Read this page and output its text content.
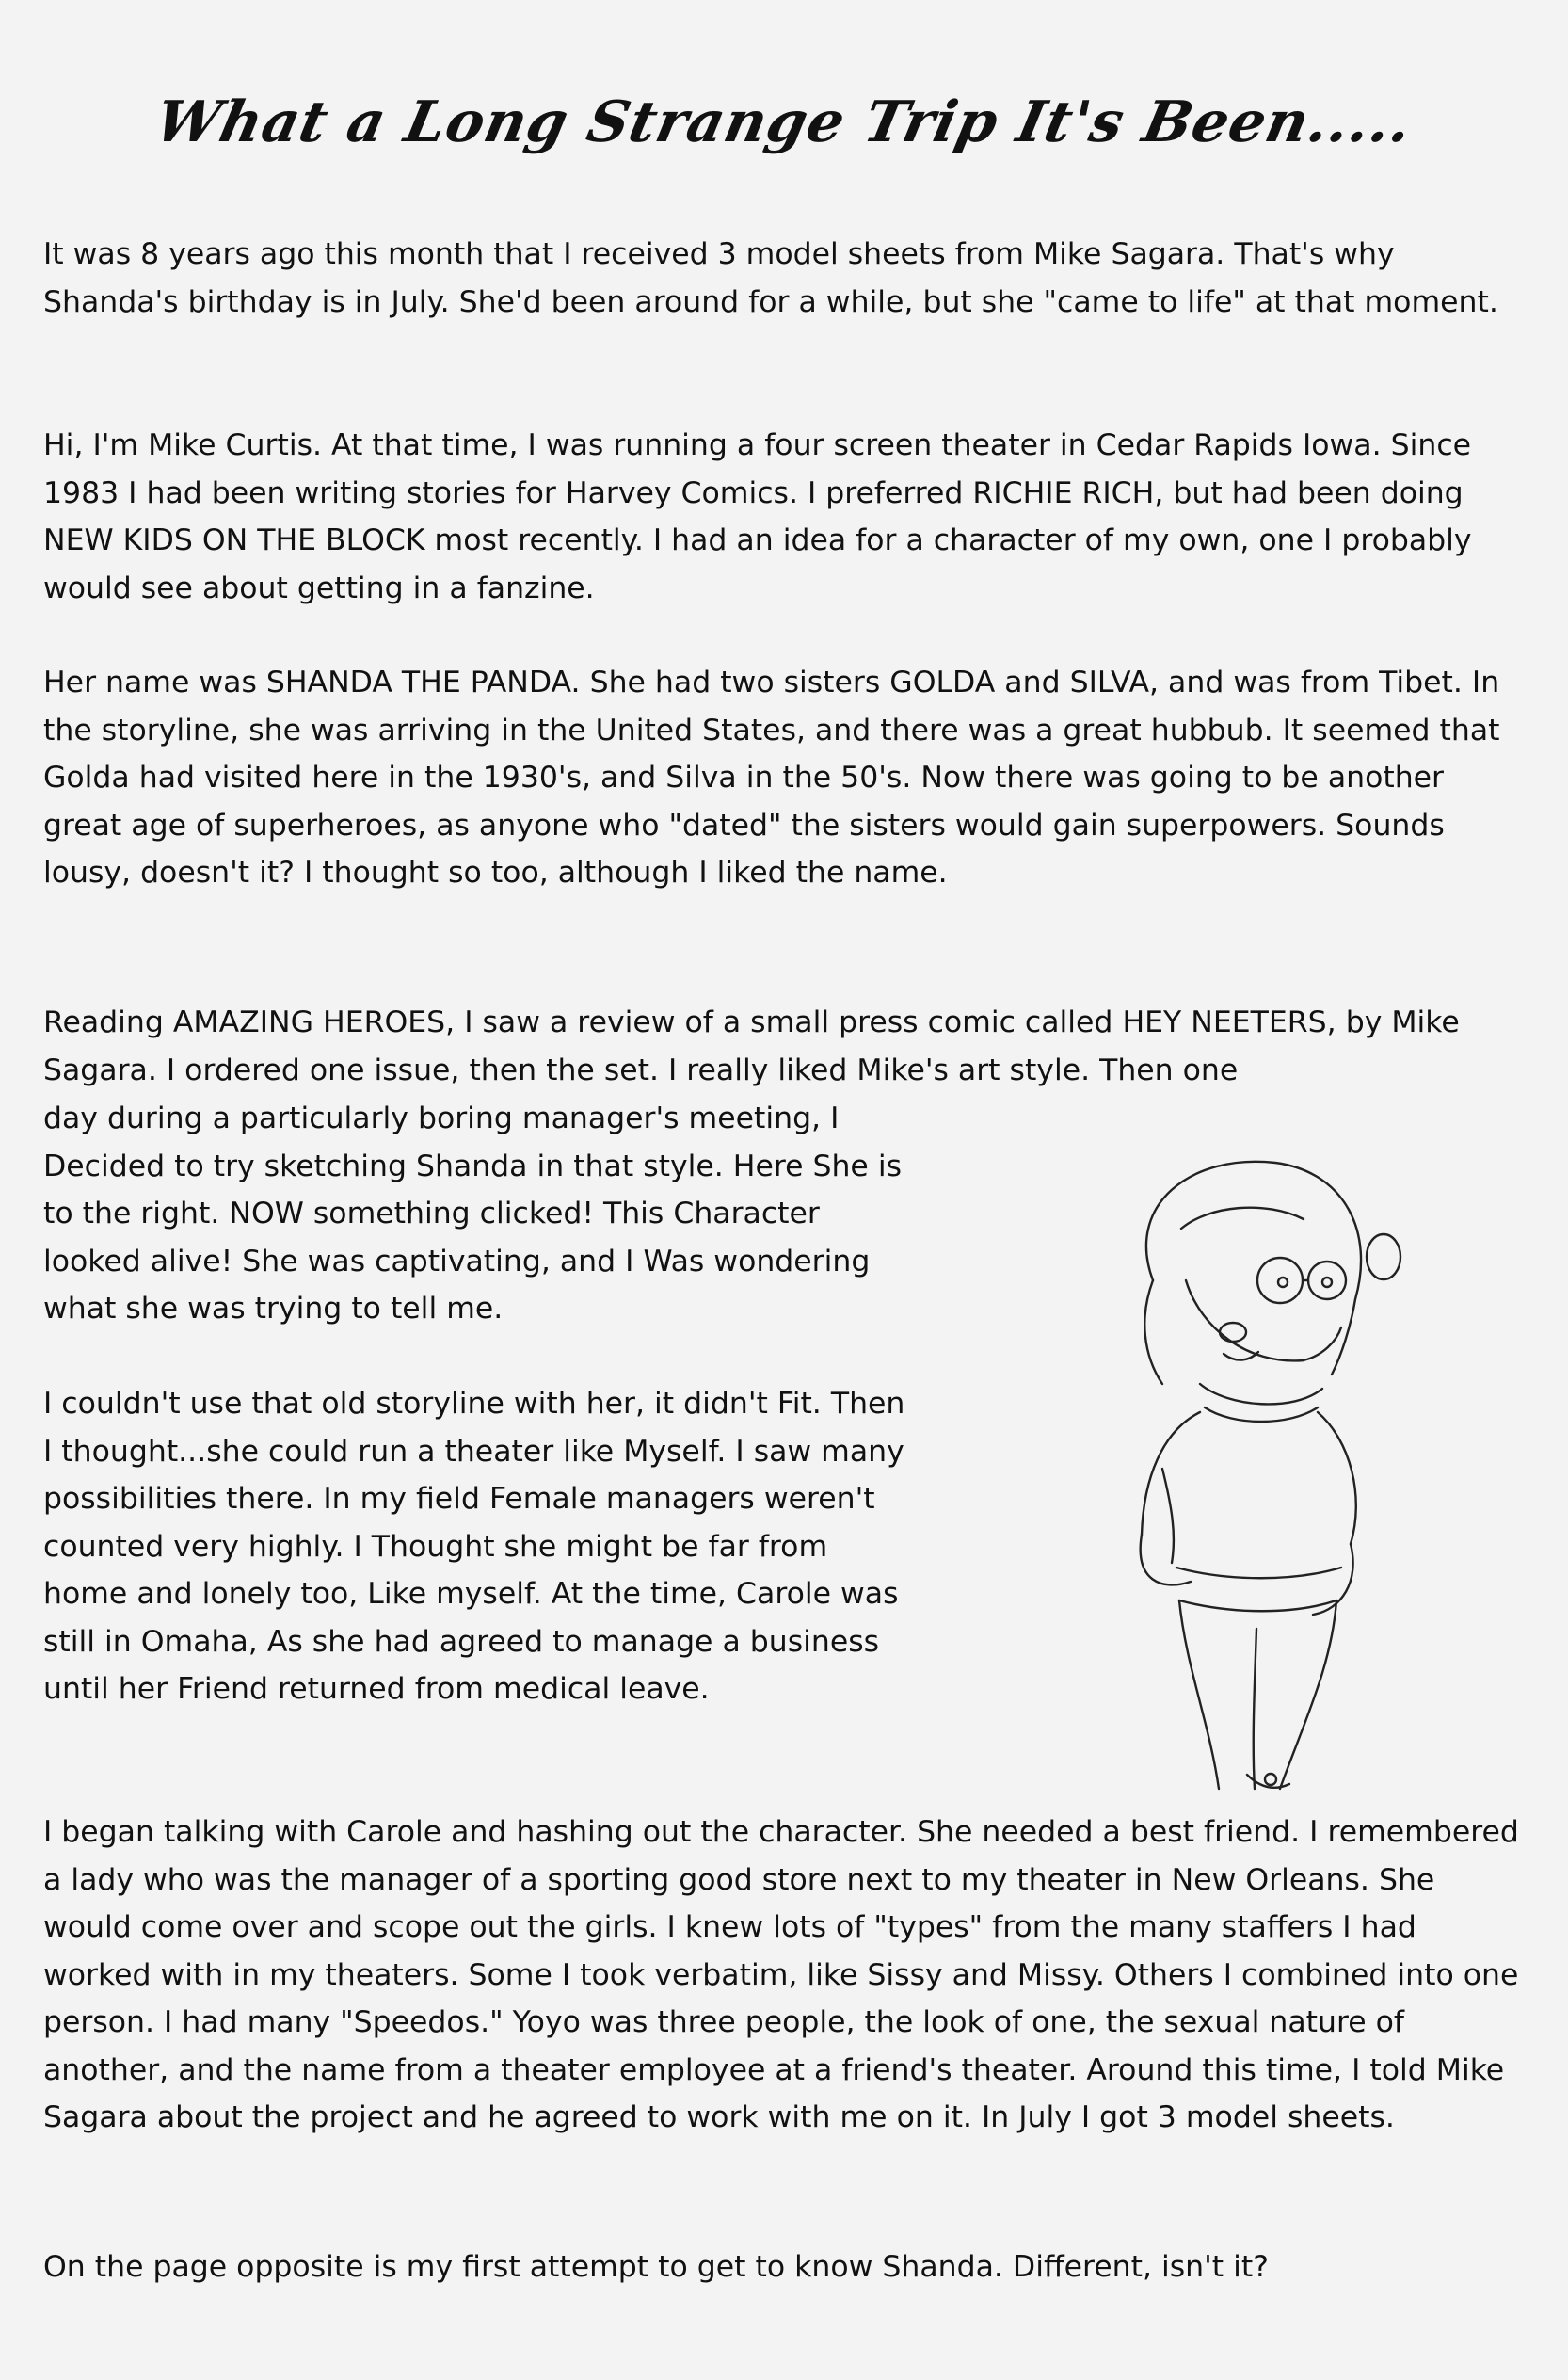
What a Long Strange Trip It's Been.....

It was 8 years ago this month that I received 3 model sheets from Mike Sagara. That's why Shanda's birthday is in July. She'd been around for a while, but she "came to life" at that moment.

Hi, I'm Mike Curtis. At that time, I was running a four screen theater in Cedar Rapids Iowa. Since 1983 I had been writing stories for Harvey Comics. I preferred RICHIE RICH, but had been doing NEW KIDS ON THE BLOCK most recently. I had an idea for a character of my own, one I probably would see about getting in a fanzine.

Her name was SHANDA THE PANDA. She had two sisters GOLDA and SILVA, and was from Tibet. In the storyline, she was arriving in the United States, and there was a great hubbub. It seemed that Golda had visited here in the 1930's, and Silva in the 50's. Now there was going to be another great age of superheroes, as anyone who "dated" the sisters would gain superpowers. Sounds lousy, doesn't it? I thought so too, although I liked the name.

Reading AMAZING HEROES, I saw a review of a small press comic called HEY NEETERS, by Mike Sagara. I ordered one issue, then the set. I really liked Mike's art style. Then one

day during a particularly boring manager's meeting, I Decided to try sketching Shanda in that style. Here She is to the right. NOW something clicked! This Character looked alive! She was captivating, and I Was wondering what she was trying to tell me.

I couldn't use that old storyline with her, it didn't Fit. Then I thought...she could run a theater like Myself. I saw many possibilities there. In my field Female managers weren't counted very highly. I Thought she might be far from home and lonely too, Like myself. At the time, Carole was still in Omaha, As she had agreed to manage a business until her Friend returned from medical leave.

I began talking with Carole and hashing out the character. She needed a best friend. I remembered a lady who was the manager of a sporting good store next to my theater in New Orleans. She would come over and scope out the girls. I knew lots of "types" from the many staffers I had worked with in my theaters. Some I took verbatim, like Sissy and Missy. Others I combined into one person. I had many "Speedos." Yoyo was three people, the look of one, the sexual nature of another, and the name from a theater employee at a friend's theater. Around this time, I told Mike Sagara about the project and he agreed to work with me on it. In July I got 3 model sheets.

On the page opposite is my first attempt to get to know Shanda. Different, isn't it?
